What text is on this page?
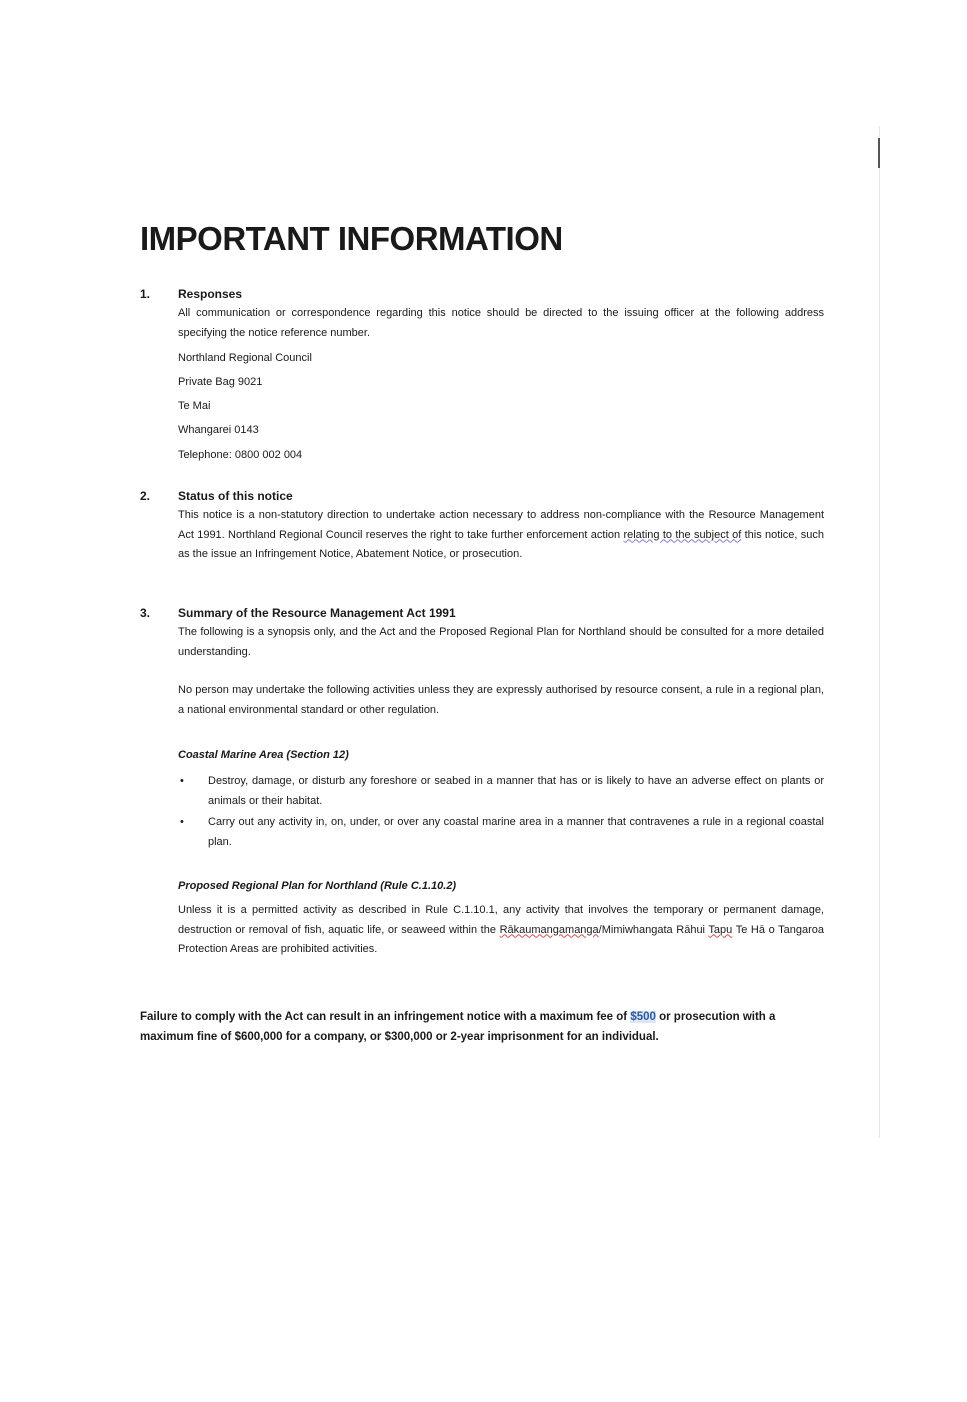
IMPORTANT INFORMATION
1. Responses

All communication or correspondence regarding this notice should be directed to the issuing officer at the following address specifying the notice reference number.

Northland Regional Council
Private Bag 9021
Te Mai
Whangarei 0143
Telephone: 0800 002 004
2. Status of this notice

This notice is a non-statutory direction to undertake action necessary to address non-compliance with the Resource Management Act 1991. Northland Regional Council reserves the right to take further enforcement action relating to the subject of this notice, such as the issue an Infringement Notice, Abatement Notice, or prosecution.

3. Summary of the Resource Management Act 1991

The following is a synopsis only, and the Act and the Proposed Regional Plan for Northland should be consulted for a more detailed understanding.

No person may undertake the following activities unless they are expressly authorised by resource consent, a rule in a regional plan, a national environmental standard or other regulation.

Coastal Marine Area (Section 12)
• Destroy, damage, or disturb any foreshore or seabed in a manner that has or is likely to have an adverse effect on plants or animals or their habitat.
• Carry out any activity in, on, under, or over any coastal marine area in a manner that contravenes a rule in a regional coastal plan.
Proposed Regional Plan for Northland (Rule C.1.10.2)

Unless it is a permitted activity as described in Rule C.1.10.1, any activity that involves the temporary or permanent damage, destruction or removal of fish, aquatic life, or seaweed within the Rākaumangamanga/Mimiwhangata Rāhui Tapu Te Hā o Tangaroa Protection Areas are prohibited activities.

Failure to comply with the Act can result in an infringement notice with a maximum fee of $500 or prosecution with a maximum fine of $600,000 for a company, or $300,000 or 2-year imprisonment for an individual.
